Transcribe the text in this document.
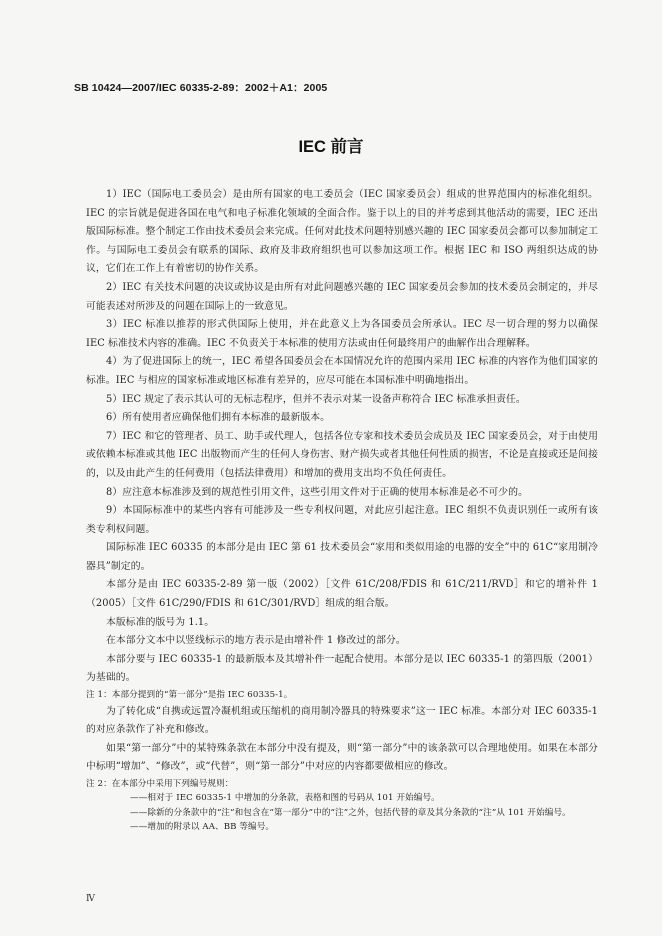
SB 10424—2007/IEC 60335-2-89：2002＋A1：2005
IEC 前言

1）IEC（国际电工委员会）是由所有国家的电工委员会（IEC 国家委员会）组成的世界范围内的标准化组织。IEC 的宗旨就是促进各国在电气和电子标准化领域的全面合作。鉴于以上的目的并考虑到其他活动的需要，IEC 还出版国际标准。整个制定工作由技术委员会来完成。任何对此技术问题特别感兴趣的 IEC 国家委员会都可以参加制定工作。与国际电工委员会有联系的国际、政府及非政府组织也可以参加这项工作。根据 IEC 和 ISO 两组织达成的协议，它们在工作上有着密切的协作关系。

2）IEC 有关技术问题的决议或协议是由所有对此问题感兴趣的 IEC 国家委员会参加的技术委员会制定的，并尽可能表述对所涉及的问题在国际上的一致意见。

3）IEC 标准以推荐的形式供国际上使用，并在此意义上为各国委员会所承认。IEC 尽一切合理的努力以确保 IEC 标准技术内容的准确。IEC 不负责关于本标准的使用方法或由任何最终用户的曲解作出合理解释。

4）为了促进国际上的统一，IEC 希望各国委员会在本国情况允许的范围内采用 IEC 标准的内容作为他们国家的标准。IEC 与相应的国家标准或地区标准有差异的，应尽可能在本国标准中明确地指出。

5）IEC 规定了表示其认可的无标志程序，但并不表示对某一设备声称符合 IEC 标准承担责任。

6）所有使用者应确保他们拥有本标准的最新版本。

7）IEC 和它的管理者、员工、助手或代理人，包括各位专家和技术委员会成员及 IEC 国家委员会，对于由使用或依赖本标准或其他 IEC 出版物而产生的任何人身伤害、财产损失或者其他任何性质的损害，不论是直接或还是间接的，以及由此产生的任何费用（包括法律费用）和增加的费用支出均不负任何责任。

8）应注意本标准涉及到的规范性引用文件，这些引用文件对于正确的使用本标准是必不可少的。

9）本国际标准中的某些内容有可能涉及一些专利权问题，对此应引起注意。IEC 组织不负责识别任一或所有该类专利权问题。

国际标准 IEC 60335 的本部分是由 IEC 第 61 技术委员会“家用和类似用途的电器的安全”中的 61C“家用制冷器具”制定的。

本部分是由 IEC 60335-2-89 第一版（2002）［文件 61C/208/FDIS 和 61C/211/RVD］和它的增补件 1（2005）［文件 61C/290/FDIS 和 61C/301/RVD］组成的组合版。

本版标准的版号为 1.1。

在本部分文本中以竖线标示的地方表示是由增补件 1 修改过的部分。

本部分要与 IEC 60335-1 的最新版本及其增补件一起配合使用。本部分是以 IEC 60335-1 的第四版（2001）为基础的。

注 1：本部分提到的“第一部分”是指 IEC 60335-1。

为了转化成“自携或远置冷凝机组或压缩机的商用制冷器具的特殊要求”这一 IEC 标准。本部分对 IEC 60335-1 的对应条款作了补充和修改。

如果“第一部分”中的某特殊条款在本部分中没有提及，则“第一部分”中的该条款可以合理地使用。如果在本部分中标明“增加”、“修改”，或“代替”，则“第一部分”中对应的内容都要做相应的修改。

注 2：在本部分中采用下列编号规则：
——相对于 IEC 60335-1 中增加的分条款，表格和图的号码从 101 开始编号。
——除新的分条款中的“注”和包含在“第一部分”中的“注”之外，包括代替的章及其分条款的“注”从 101 开始编号。
——增加的附录以 AA、BB 等编号。
Ⅳ
